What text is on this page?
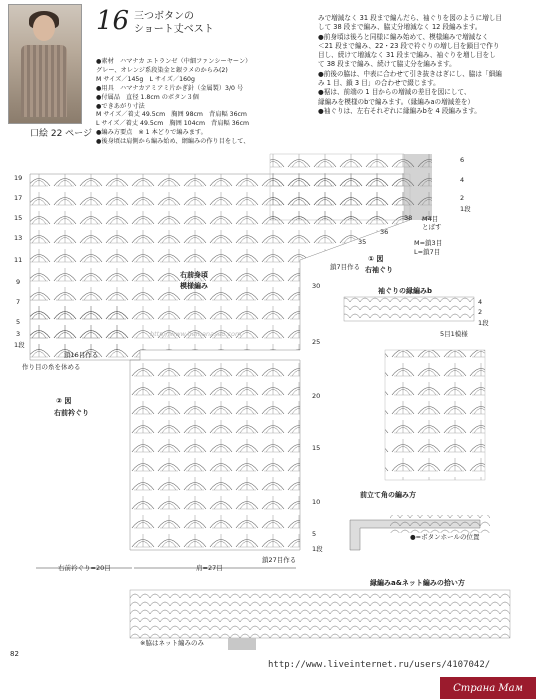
口絵 22 ページ
16 三つボタンの
ショート丈ベスト
●素材　ハマナカ エトランゼ（中細ファンシーヤーン）
グレー、オレンジ系段染金と銀ラメのからみ(2)
M サイズ／145g　L サイズ／160g
●用具　ハマナカアミアミ片かぎ針（金属製）3/0 号
●付属品　直径 1.8cm のボタン３個
●できあがり寸法
M サイズ／着丈 49.5cm　胸囲 98cm　背肩幅 36cm
L サイズ／着丈 49.5cm　胸囲 104cm　背肩幅 36cm
●編み方要点　※ 1 本どりで編みます。
●後身頃は肩側から編み始め、網編みの作り目をして、
みで増減なく 31 段まで編んだら、袖ぐりを図のように増し目
して 38 段まで編み、脇丈分増減なく 12 段編みます。
●前身頃は後ろと同様に編み始めて、模様編みで増減なく
＜21 段まで編み、22・23 段で衿ぐりの増し目を鎖目で作り
目し、続けて増減なく 31 段まで編み、袖ぐりを増し目をし
て 38 段まで編み、続けて脇丈分を編みます。
●前後の脇は、中表に合わせて引き抜きはぎにし、脇は「細編
み 1 目、鎖 3 目」の合わせで綴じます。
●裾は、前端の 1 目からの増減の差目を図にして、
縁編みを模様のbで編みます。（縁編みaの増減差を）
●袖ぐりは、左右それぞれに縁編みbを 4 段編みます。
右前身頃
模様編み
① 図
右袖ぐり
② 図
右前衿ぐり
袖ぐりの縁編みb
前立て角の編み方
●=ボタンホールの位置
縁編みa&ネット編みの拾い方
※脇はネット編みのみ
鎖16目作る
作り目の糸を休める
鎖27目作る
鎖7目作る
M=鎖3目
L=鎖7目
M4目
とばす
右前衿ぐり=20目	肩=27目
5目1模様
19
17
15
13
11
9
7
5
3
1段
6
4
2
1段
38
36
35
30
25
20
15
10
5
1段
4
2
1段
http://www.hamanasao.com
82
http://www.liveinternet.ru/users/4107042/
Страна Мам
